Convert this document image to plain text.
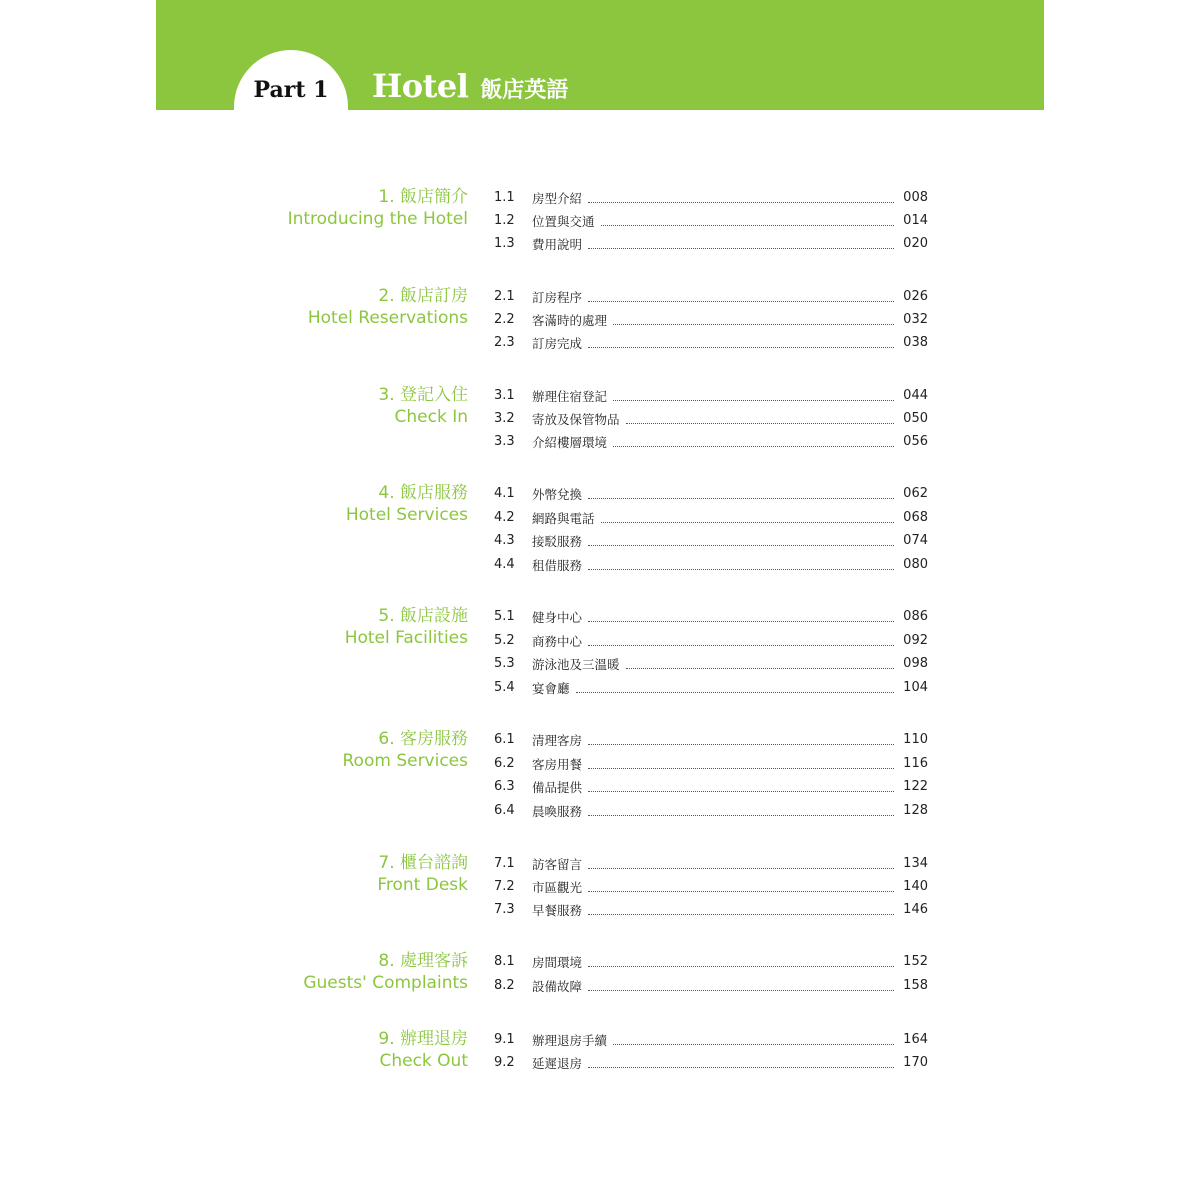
Part 1	Hotel 飯店英語
1. 飯店簡介
Introducing the Hotel
1.1	房型介紹	008
1.2	位置與交通	014
1.3	費用說明	020
2. 飯店訂房
Hotel Reservations
2.1	訂房程序	026
2.2	客滿時的處理	032
2.3	訂房完成	038
3. 登記入住
Check In
3.1	辦理住宿登記	044
3.2	寄放及保管物品	050
3.3	介紹樓層環境	056
4. 飯店服務
Hotel Services
4.1	外幣兌換	062
4.2	網路與電話	068
4.3	接駁服務	074
4.4	租借服務	080
5. 飯店設施
Hotel Facilities
5.1	健身中心	086
5.2	商務中心	092
5.3	游泳池及三溫暖	098
5.4	宴會廳	104
6. 客房服務
Room Services
6.1	清理客房	110
6.2	客房用餐	116
6.3	備品提供	122
6.4	晨喚服務	128
7. 櫃台諮詢
Front Desk
7.1	訪客留言	134
7.2	市區觀光	140
7.3	早餐服務	146
8. 處理客訴
Guests' Complaints
8.1	房間環境	152
8.2	設備故障	158
9. 辦理退房
Check Out
9.1	辦理退房手續	164
9.2	延遲退房	170
